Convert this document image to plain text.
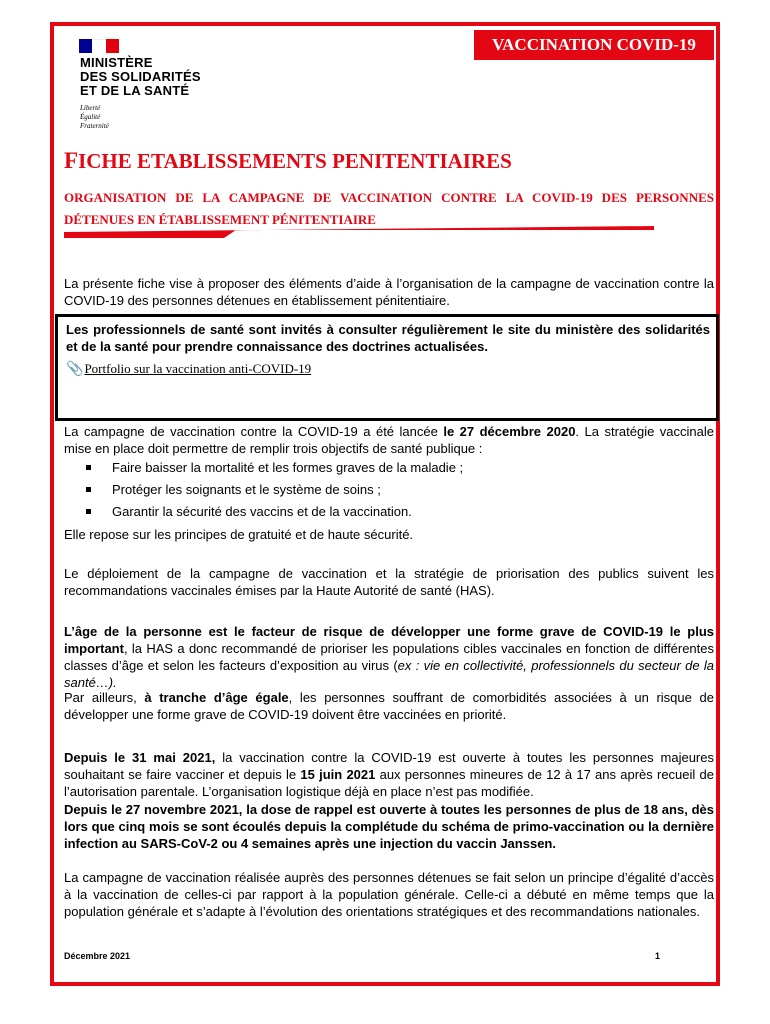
VACCINATION COVID-19
MINISTÈRE
DES SOLIDARITÉS
ET DE LA SANTÉ
Liberté
Égalité
Fraternité
FICHE ETABLISSEMENTS PENITENTIAIRES
ORGANISATION DE LA CAMPAGNE DE VACCINATION CONTRE LA COVID-19 DES PERSONNES DÉTENUES EN ÉTABLISSEMENT PÉNITENTIAIRE
La présente fiche vise à proposer des éléments d’aide à l’organisation de la campagne de vaccination contre la COVID-19 des personnes détenues en établissement pénitentiaire.
Les professionnels de santé sont invités à consulter régulièrement le site du ministère des solidarités et de la santé pour prendre connaissance des doctrines actualisées.
📎Portfolio sur la vaccination anti-COVID-19
La campagne de vaccination contre la COVID-19 a été lancée le 27 décembre 2020. La stratégie vaccinale mise en place doit permettre de remplir trois objectifs de santé publique :
Faire baisser la mortalité et les formes graves de la maladie ;
Protéger les soignants et le système de soins ;
Garantir la sécurité des vaccins et de la vaccination.
Elle repose sur les principes de gratuité et de haute sécurité.
Le déploiement de la campagne de vaccination et la stratégie de priorisation des publics suivent les recommandations vaccinales émises par la Haute Autorité de santé (HAS).
L’âge de la personne est le facteur de risque de développer une forme grave de COVID-19 le plus important, la HAS a donc recommandé de prioriser les populations cibles vaccinales en fonction de différentes classes d’âge et selon les facteurs d’exposition au virus (ex : vie en collectivité, professionnels du secteur de la santé…).
Par ailleurs, à tranche d’âge égale, les personnes souffrant de comorbidités associées à un risque de développer une forme grave de COVID-19 doivent être vaccinées en priorité.
Depuis le 31 mai 2021, la vaccination contre la COVID-19 est ouverte à toutes les personnes majeures souhaitant se faire vacciner et depuis le 15 juin 2021 aux personnes mineures de 12 à 17 ans après recueil de l’autorisation parentale. L’organisation logistique déjà en place n’est pas modifiée.
Depuis le 27 novembre 2021, la dose de rappel est ouverte à toutes les personnes de plus de 18 ans, dès lors que cinq mois se sont écoulés depuis la complétude du schéma de primo-vaccination ou la dernière infection au SARS-CoV-2 ou 4 semaines après une injection du vaccin Janssen.
La campagne de vaccination réalisée auprès des personnes détenues se fait selon un principe d’égalité d’accès à la vaccination de celles-ci par rapport à la population générale. Celle-ci a débuté en même temps que la population générale et s’adapte à l’évolution des orientations stratégiques et des recommandations nationales.
Décembre 2021	1
